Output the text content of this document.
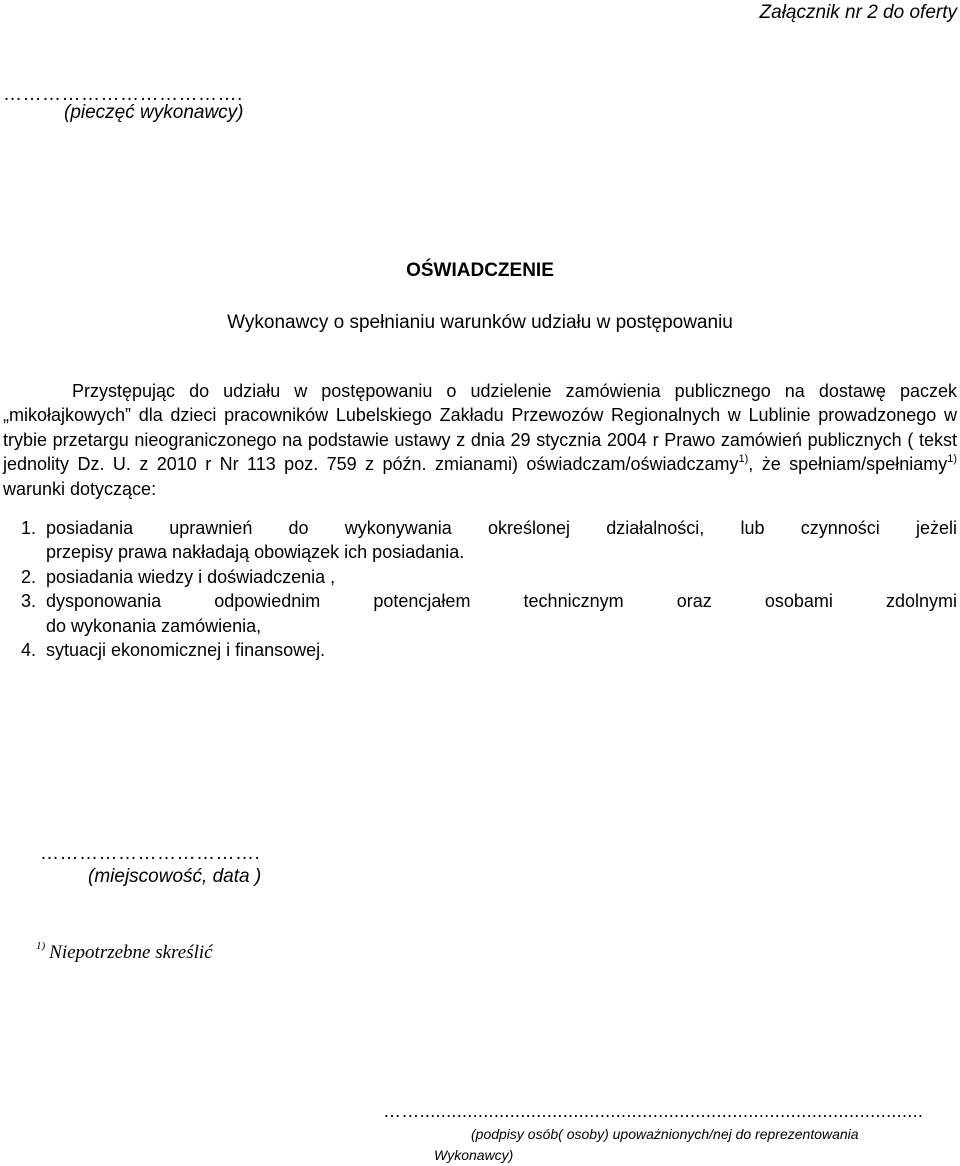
Załącznik nr 2 do oferty
……………………………….
(pieczęć wykonawcy)
OŚWIADCZENIE
Wykonawcy o spełnianiu warunków udziału w postępowaniu

Przystępując do udziału w postępowaniu o udzielenie zamówienia publicznego na dostawę paczek „mikołajkowych” dla dzieci pracowników Lubelskiego Zakładu Przewozów Regionalnych w Lublinie prowadzonego w trybie przetargu nieograniczonego na podstawie ustawy z dnia 29 stycznia 2004 r Prawo zamówień publicznych ( tekst jednolity Dz. U. z 2010 r Nr 113 poz. 759 z późn. zmianami) oświadczam/oświadczamy$^{1)}$, że spełniam/spełniamy$^{1)}$ warunki dotyczące:

1. posiadania uprawnień do wykonywania określonej działalności, lub czynności jeżeli
przepisy prawa nakładają obowiązek ich posiadania.
2. posiadania wiedzy i doświadczenia ,
3. dysponowania odpowiednim potencjałem technicznym oraz osobami zdolnymi
do wykonania zamówienia,
4. sytuacji ekonomicznej i finansowej.
…………………………….
(miejscowość, data )
$^{1)}$ Niepotrzebne skreślić
……...............................................................................................
(podpisy osób( osoby) upoważnionych/nej do reprezentowania
Wykonawcy)
